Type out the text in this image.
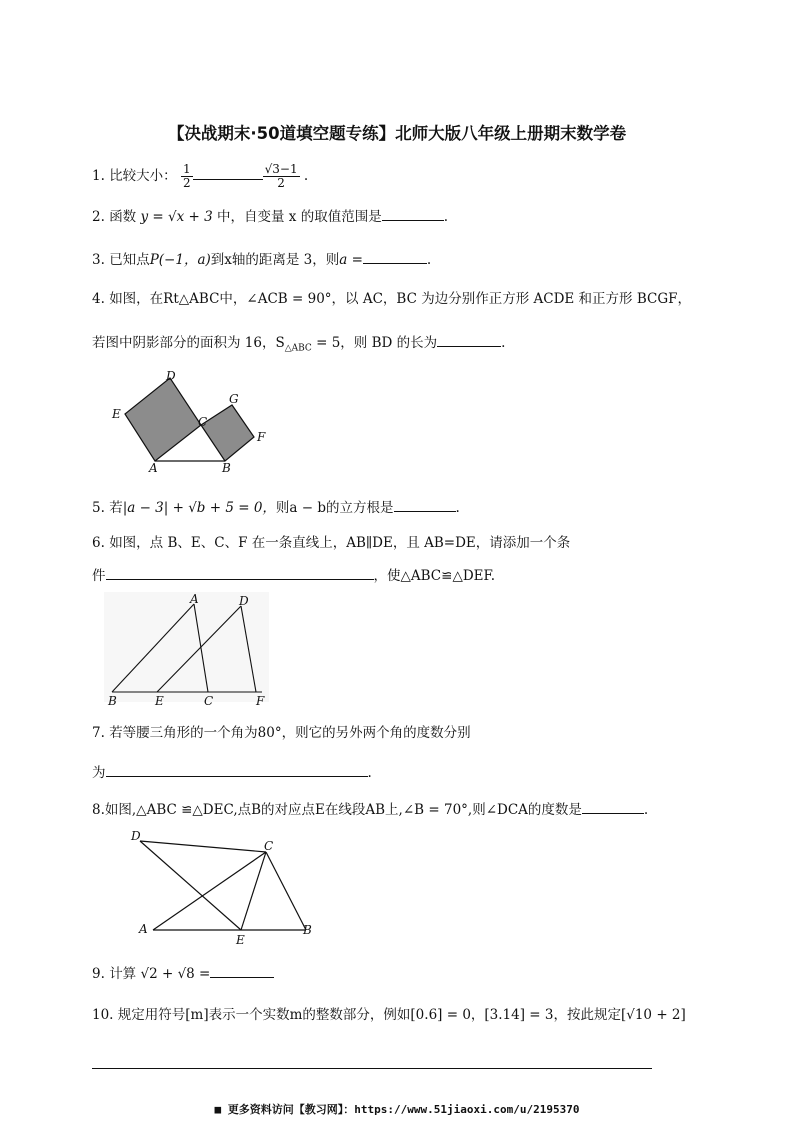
【决战期末·50道填空题专练】北师大版八年级上册期末数学卷
1. 比较大小： $\frac{1}{2}$	$\frac{√3-1}{2}$ .
2. 函数 y = √x + 3 中，自变量 x 的取值范围是	.
3. 已知点P(−1，a)到x轴的距离是 3，则a =	.
4. 如图，在Rt△ABC中，∠ACB = 90°，以 AC，BC 为边分别作正方形 ACDE 和正方形 BCGF，
若图中阴影部分的面积为 16，$S_{\triangle ABC} = 5$，则 BD 的长为	.
D
E
C
G
F
A	B
5. 若|a − 3| + √b + 5 = 0，则a − b的立方根是	.
6. 如图，点 B、E、C、F 在一条直线上，AB∥DE，且 AB=DE，请添加一个条
件	，使△ABC≌△DEF.
A	D
B	E	C	F
7. 若等腰三角形的一个角为80°，则它的另外两个角的度数分别
为	.
8.如图,△ABC ≌△DEC,点B的对应点E在线段AB上,∠B = 70°,则∠DCA的度数是	.
D
C
A
E
B
9. 计算 √2 + √8 =
10. 规定用符号[m]表示一个实数m的整数部分，例如[0.6] = 0，[3.14] = 3，按此规定[√10 + 2]
■ 更多资料访问【教习网】：https://www.51jiaoxi.com/u/2195370
